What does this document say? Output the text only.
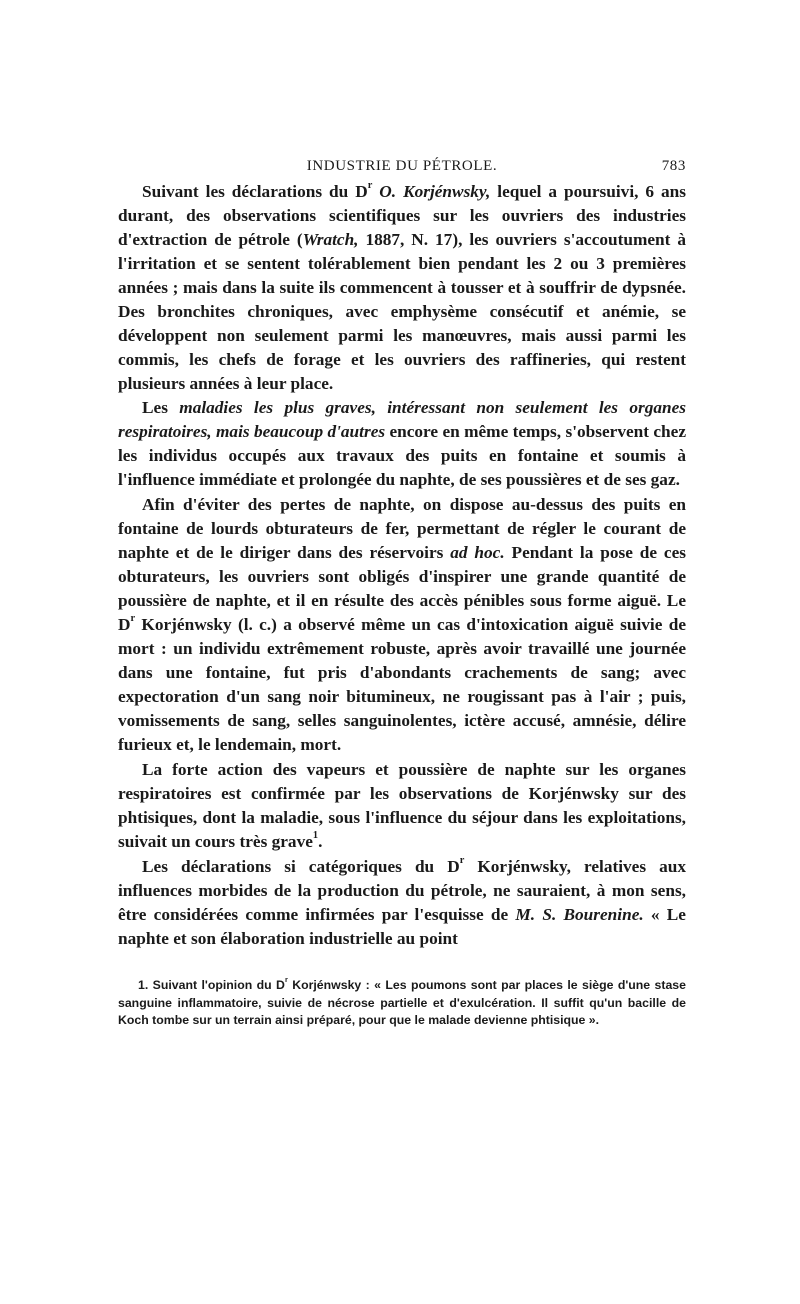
INDUSTRIE DU PÉTROLE.	783

Suivant les déclarations du $D^r$ O. Korjénwsky, lequel a poursuivi, 6 ans durant, des observations scientifiques sur les ouvriers des industries d'extraction de pétrole (Wratch, 1887, N. 17), les ouvriers s'accoutument à l'irritation et se sentent tolérablement bien pendant les 2 ou 3 premières années ; mais dans la suite ils commencent à tousser et à souffrir de dypsnée. Des bronchites chroniques, avec emphysème consécutif et anémie, se développent non seulement parmi les manœuvres, mais aussi parmi les commis, les chefs de forage et les ouvriers des raffineries, qui restent plusieurs années à leur place.

Les maladies les plus graves, intéressant non seulement les organes respiratoires, mais beaucoup d'autres encore en même temps, s'observent chez les individus occupés aux travaux des puits en fontaine et soumis à l'influence immédiate et prolongée du naphte, de ses poussières et de ses gaz.

Afin d'éviter des pertes de naphte, on dispose au-dessus des puits en fontaine de lourds obturateurs de fer, permettant de régler le courant de naphte et de le diriger dans des réservoirs ad hoc. Pendant la pose de ces obturateurs, les ouvriers sont obligés d'inspirer une grande quantité de poussière de naphte, et il en résulte des accès pénibles sous forme aiguë. Le $D^r$ Korjénwsky (l. c.) a observé même un cas d'intoxication aiguë suivie de mort : un individu extrêmement robuste, après avoir travaillé une journée dans une fontaine, fut pris d'abondants crachements de sang; avec expectoration d'un sang noir bitumineux, ne rougissant pas à l'air ; puis, vomissements de sang, selles sanguinolentes, ictère accusé, amnésie, délire furieux et, le lendemain, mort.

La forte action des vapeurs et poussière de naphte sur les organes respiratoires est confirmée par les observations de Korjénwsky sur des phtisiques, dont la maladie, sous l'influence du séjour dans les exploitations, suivait un cours très grave$^1$.

Les déclarations si catégoriques du $D^r$ Korjénwsky, relatives aux influences morbides de la production du pétrole, ne sauraient, à mon sens, être considérées comme infirmées par l'esquisse de M. S. Bourenine. « Le naphte et son élaboration industrielle au point

1. Suivant l'opinion du $D^r$ Korjénwsky : « Les poumons sont par places le siège d'une stase sanguine inflammatoire, suivie de nécrose partielle et d'exulcération. Il suffit qu'un bacille de Koch tombe sur un terrain ainsi préparé, pour que le malade devienne phtisique ».
